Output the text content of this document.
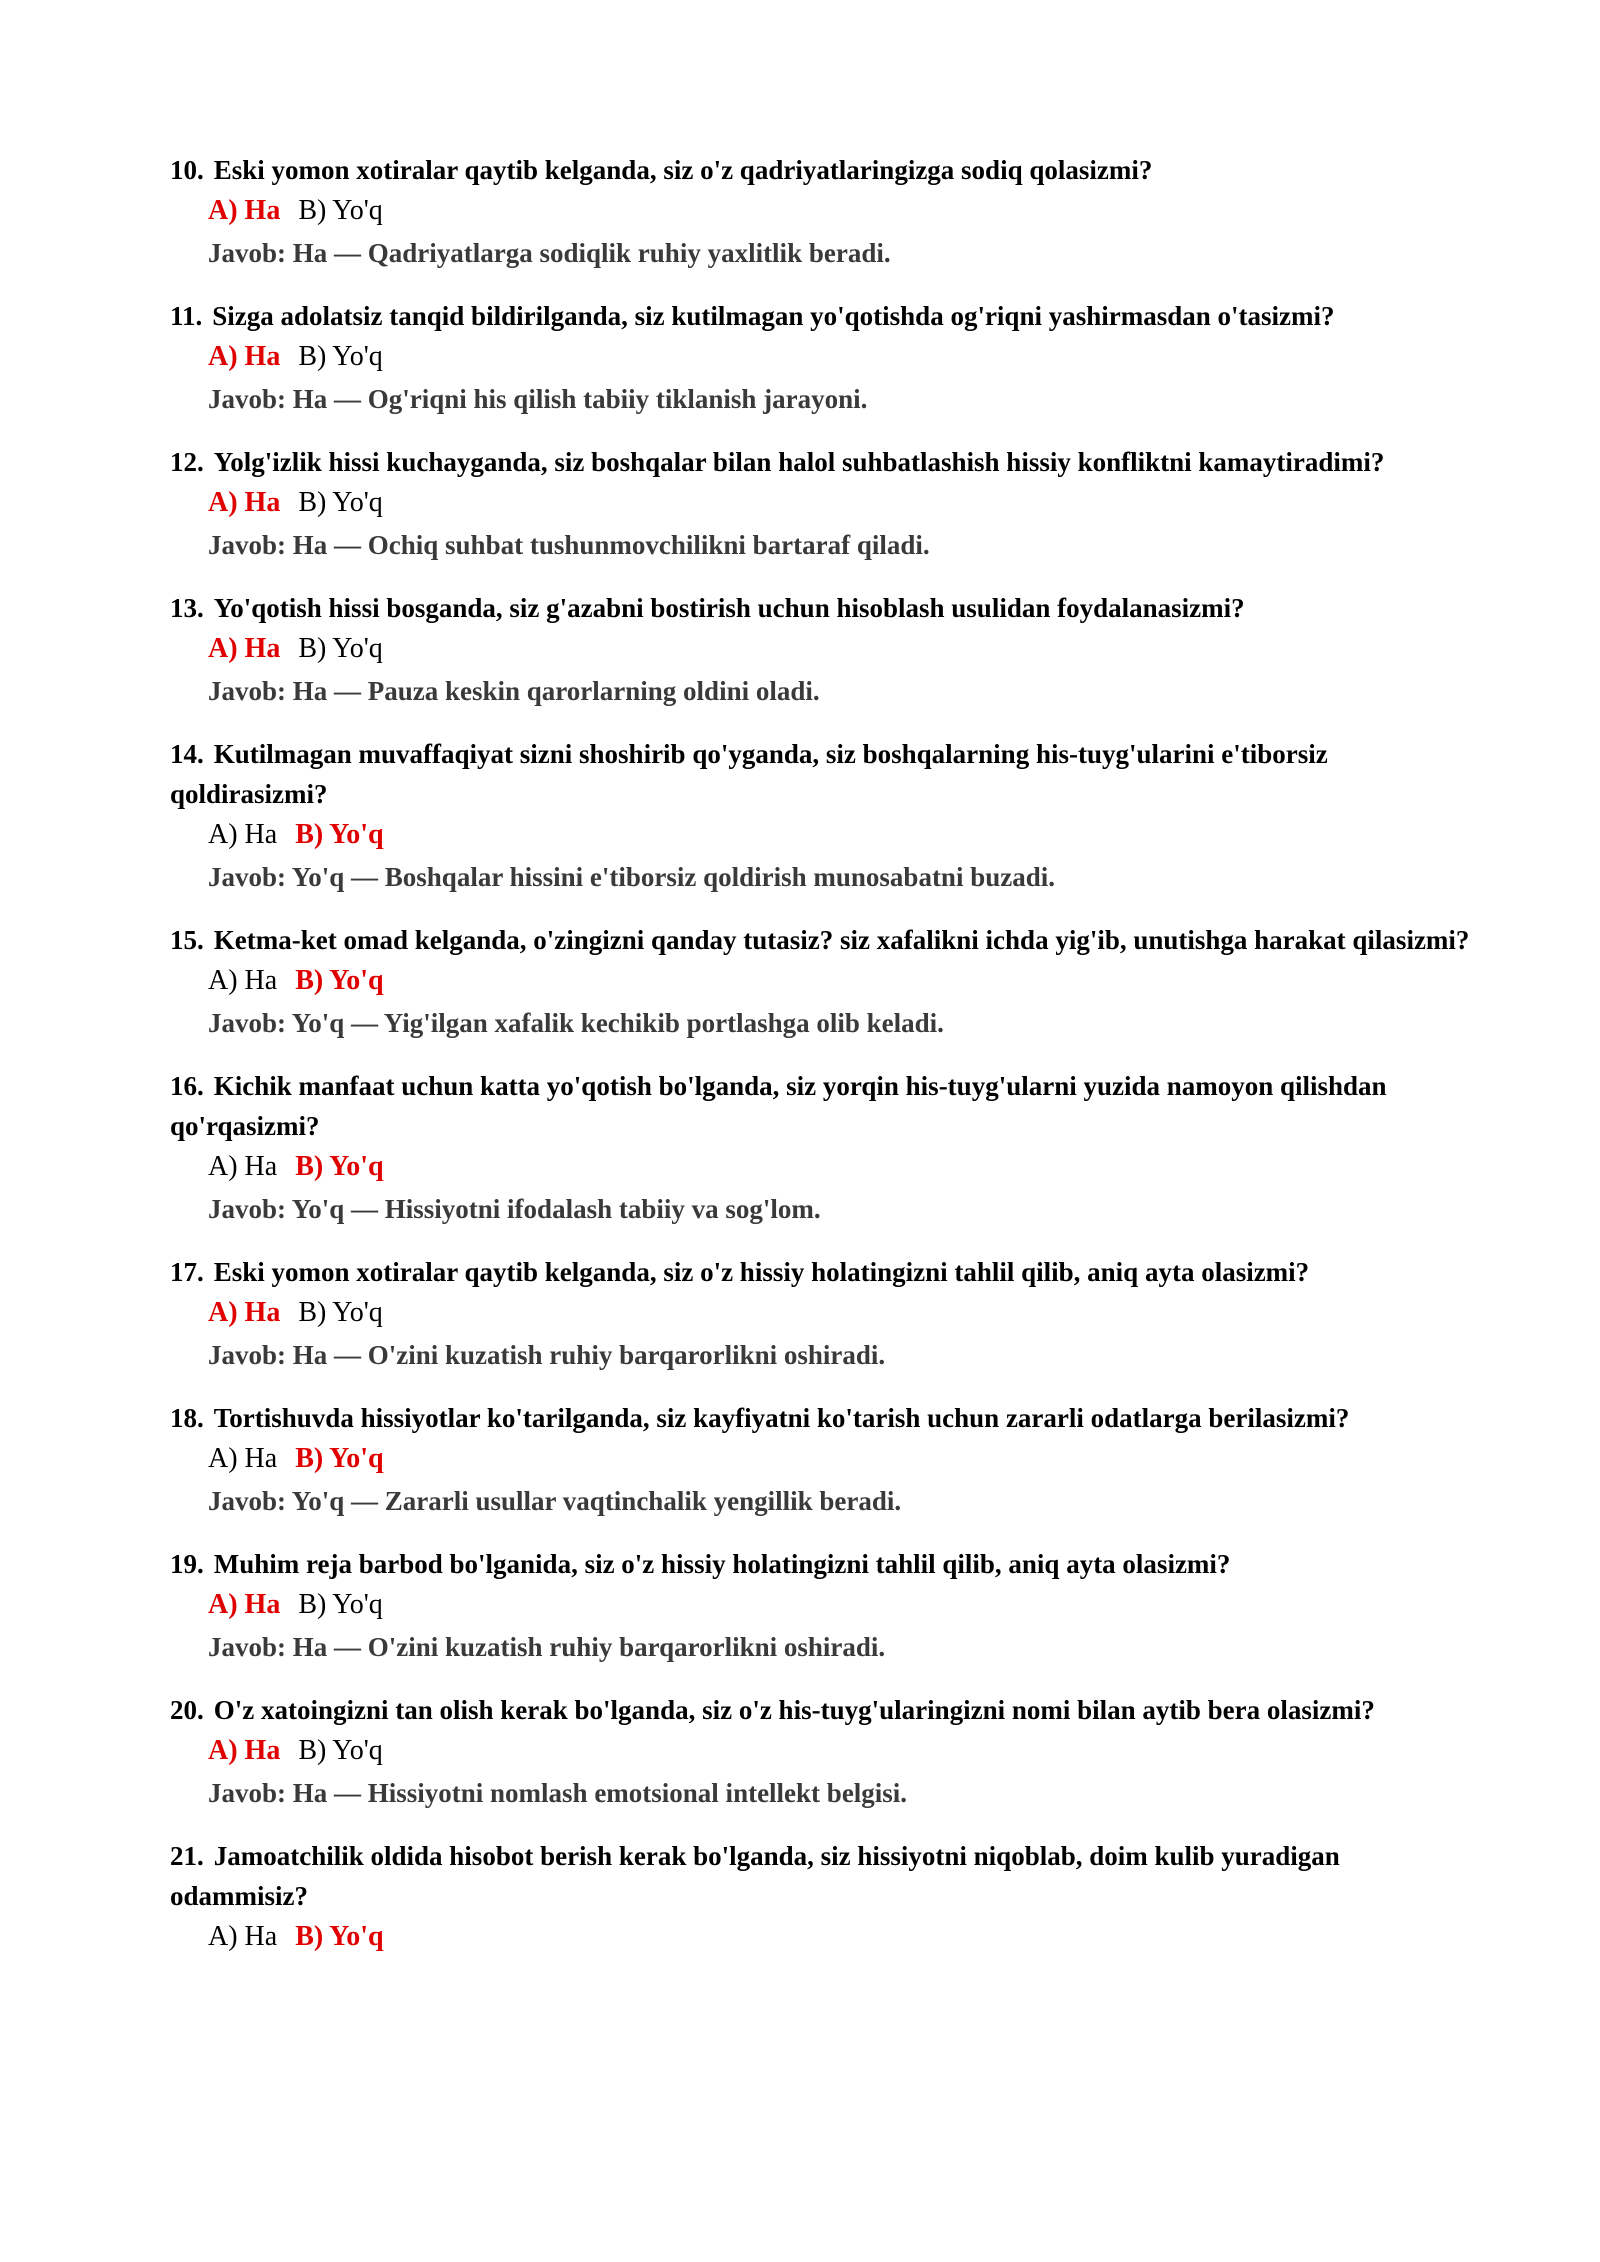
10. Eski yomon xotiralar qaytib kelganda, siz o'z qadriyatlaringizga sodiq qolasizmi?

A) Ha B) Yo'q
Javob: Ha — Qadriyatlarga sodiqlik ruhiy yaxlitlik beradi.

11. Sizga adolatsiz tanqid bildirilganda, siz kutilmagan yo'qotishda og'riqni yashirmasdan o'tasizmi?

A) Ha B) Yo'q
Javob: Ha — Og'riqni his qilish tabiiy tiklanish jarayoni.

12. Yolg'izlik hissi kuchayganda, siz boshqalar bilan halol suhbatlashish hissiy konfliktni kamaytiradimi?

A) Ha B) Yo'q
Javob: Ha — Ochiq suhbat tushunmovchilikni bartaraf qiladi.

13. Yo'qotish hissi bosganda, siz g'azabni bostirish uchun hisoblash usulidan foydalanasizmi?

A) Ha B) Yo'q
Javob: Ha — Pauza keskin qarorlarning oldini oladi.

14. Kutilmagan muvaffaqiyat sizni shoshirib qo'yganda, siz boshqalarning his-tuyg'ularini e'tiborsiz qoldirasizmi?

A) Ha B) Yo'q
Javob: Yo'q — Boshqalar hissini e'tiborsiz qoldirish munosabatni buzadi.

15. Ketma-ket omad kelganda, o'zingizni qanday tutasiz? siz xafalikni ichda yig'ib, unutishga harakat qilasizmi?

A) Ha B) Yo'q
Javob: Yo'q — Yig'ilgan xafalik kechikib portlashga olib keladi.

16. Kichik manfaat uchun katta yo'qotish bo'lganda, siz yorqin his-tuyg'ularni yuzida namoyon qilishdan qo'rqasizmi?

A) Ha B) Yo'q
Javob: Yo'q — Hissiyotni ifodalash tabiiy va sog'lom.

17. Eski yomon xotiralar qaytib kelganda, siz o'z hissiy holatingizni tahlil qilib, aniq ayta olasizmi?

A) Ha B) Yo'q
Javob: Ha — O'zini kuzatish ruhiy barqarorlikni oshiradi.

18. Tortishuvda hissiyotlar ko'tarilganda, siz kayfiyatni ko'tarish uchun zararli odatlarga berilasizmi?

A) Ha B) Yo'q
Javob: Yo'q — Zararli usullar vaqtinchalik yengillik beradi.

19. Muhim reja barbod bo'lganida, siz o'z hissiy holatingizni tahlil qilib, aniq ayta olasizmi?

A) Ha B) Yo'q
Javob: Ha — O'zini kuzatish ruhiy barqarorlikni oshiradi.

20. O'z xatoingizni tan olish kerak bo'lganda, siz o'z his-tuyg'ularingizni nomi bilan aytib bera olasizmi?

A) Ha B) Yo'q
Javob: Ha — Hissiyotni nomlash emotsional intellekt belgisi.

21. Jamoatchilik oldida hisobot berish kerak bo'lganda, siz hissiyotni niqoblab, doim kulib yuradigan odammisiz?

A) Ha B) Yo'q
